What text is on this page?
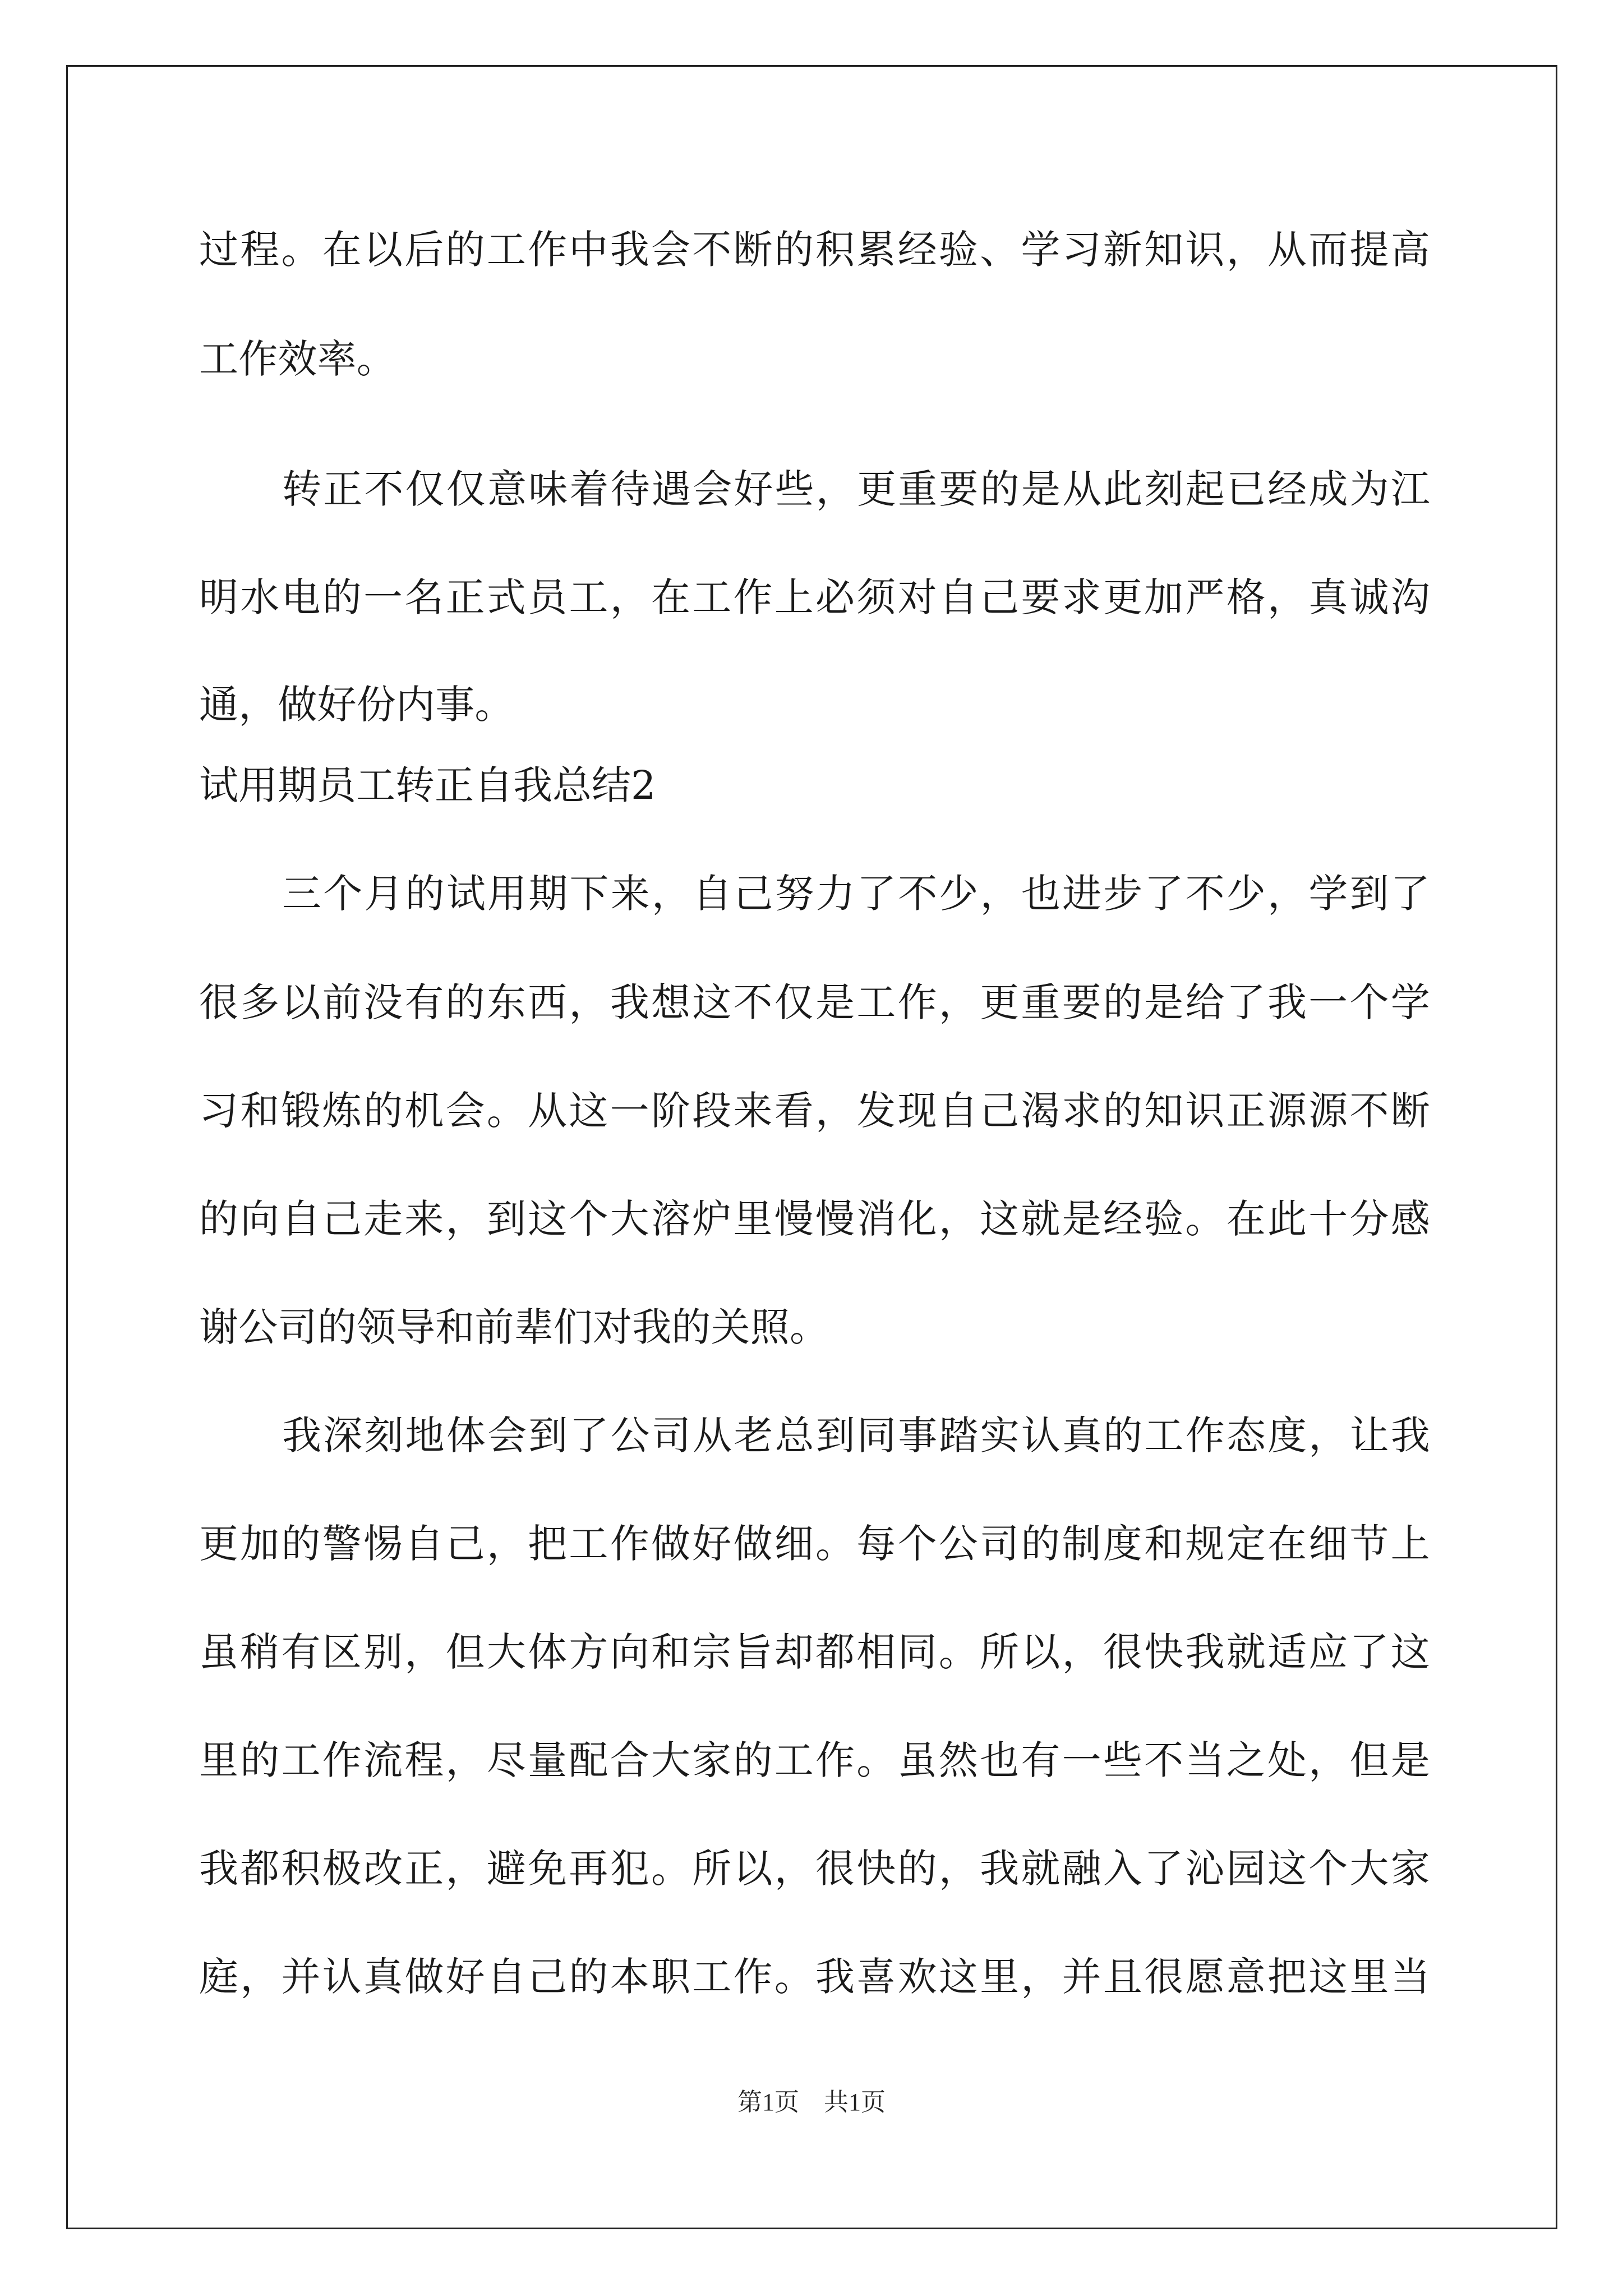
过程。在以后的工作中我会不断的积累经验、学习新知识，从而提高
工作效率。
转正不仅仅意味着待遇会好些，更重要的是从此刻起已经成为江
明水电的一名正式员工，在工作上必须对自己要求更加严格，真诚沟
通，做好份内事。
试用期员工转正自我总结2
三个月的试用期下来，自己努力了不少，也进步了不少，学到了
很多以前没有的东西，我想这不仅是工作，更重要的是给了我一个学
习和锻炼的机会。从这一阶段来看，发现自己渴求的知识正源源不断
的向自己走来，到这个大溶炉里慢慢消化，这就是经验。在此十分感
谢公司的领导和前辈们对我的关照。
我深刻地体会到了公司从老总到同事踏实认真的工作态度，让我
更加的警惕自己，把工作做好做细。每个公司的制度和规定在细节上
虽稍有区别，但大体方向和宗旨却都相同。所以，很快我就适应了这
里的工作流程，尽量配合大家的工作。虽然也有一些不当之处，但是
我都积极改正，避免再犯。所以，很快的，我就融入了沁园这个大家
庭，并认真做好自己的本职工作。我喜欢这里，并且很愿意把这里当
第1页 共1页
